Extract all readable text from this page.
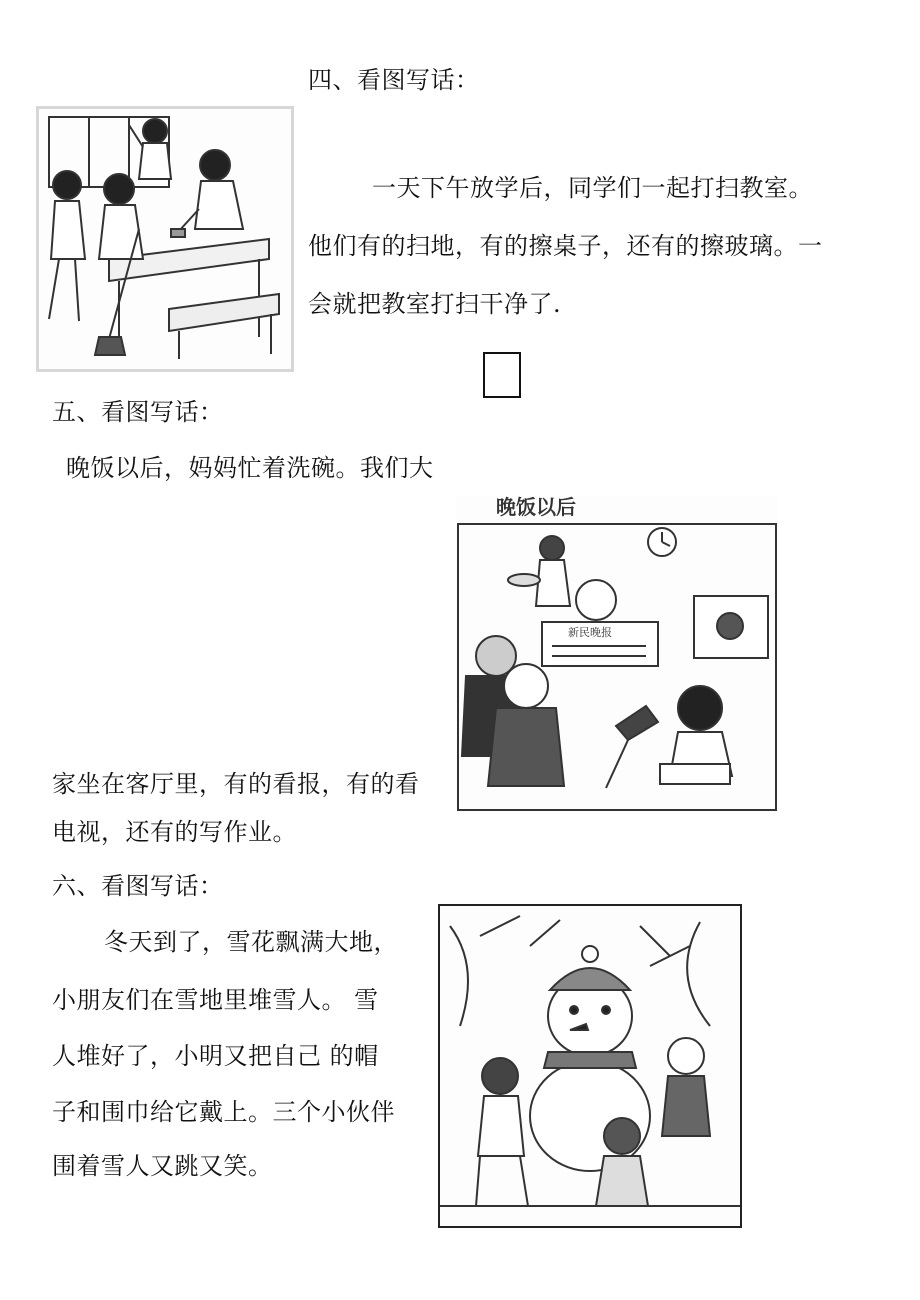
四、看图写话：
一天下午放学后，同学们一起打扫教室。
他们有的扫地，有的擦桌子，还有的擦玻璃。一
会就把教室打扫干净了.
五、看图写话：
晚饭以后，妈妈忙着洗碗。我们大
晚饭以后
新民晚报
家坐在客厅里，有的看报，有的看
电视，还有的写作业。
六、看图写话：
冬天到了，雪花飘满大地，
小朋友们在雪地里堆雪人。 雪
人堆好了，小明又把自己 的帽
子和围巾给它戴上。三个小伙伴
围着雪人又跳又笑。
